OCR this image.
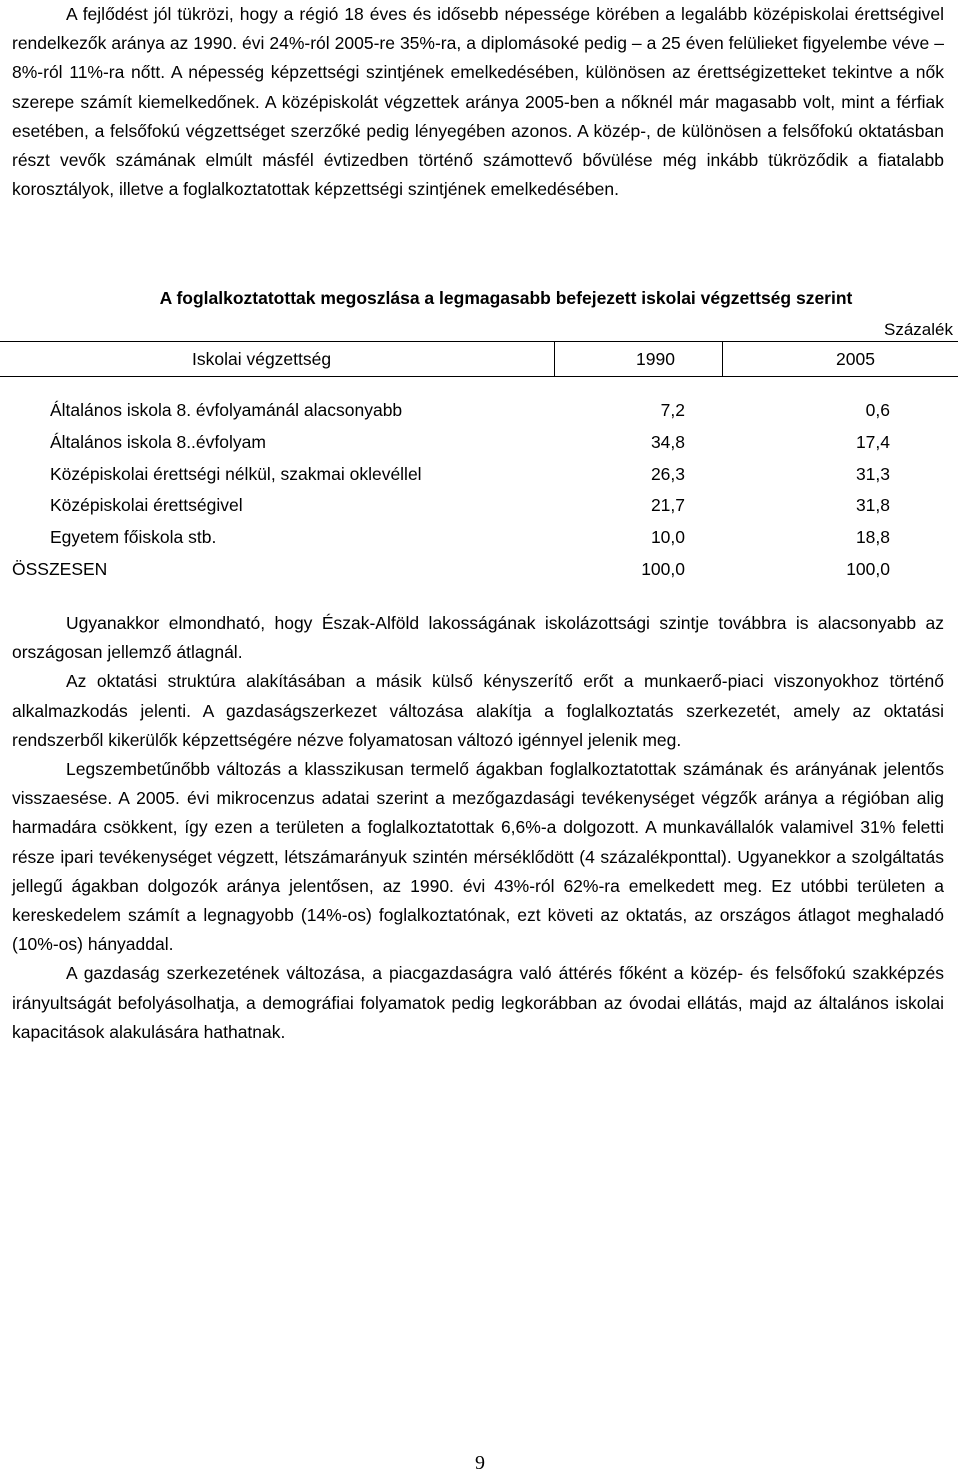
A fejlődést jól tükrözi, hogy a régió 18 éves és idősebb népessége körében a legalább középiskolai érettségivel rendelkezők aránya az 1990. évi 24%-ról 2005-re 35%-ra, a diplomásoké pedig – a 25 éven felülieket figyelembe véve – 8%-ról 11%-ra nőtt. A népesség képzettségi szintjének emelkedésében, különösen az érettségizetteket tekintve a nők szerepe számít kiemelkedőnek. A középiskolát végzettek aránya 2005-ben a nőknél már magasabb volt, mint a férfiak esetében, a felsőfokú végzettséget szerzőké pedig lényegében azonos. A közép-, de különösen a felsőfokú oktatásban részt vevők számának elmúlt másfél évtizedben történő számottevő bővülése még inkább tükröződik a fiatalabb korosztályok, illetve a foglalkoztatottak képzettségi szintjének emelkedésében.

A foglalkoztatottak megoszlása a legmagasabb befejezett iskolai végzettség szerint
Százalék
Iskolai végzettség	1990	2005
Általános iskola 8. évfolyamánál alacsonyabb	7,2	0,6
Általános iskola 8..évfolyam	34,8	17,4
Középiskolai érettségi nélkül, szakmai oklevéllel	26,3	31,3
Középiskolai érettségivel	21,7	31,8
Egyetem főiskola stb.	10,0	18,8
ÖSSZESEN	100,0	100,0

Ugyanakkor elmondható, hogy Észak-Alföld lakosságának iskolázottsági szintje továbbra is alacsonyabb az országosan jellemző átlagnál.

Az oktatási struktúra alakításában a másik külső kényszerítő erőt a munkaerő-piaci viszonyokhoz történő alkalmazkodás jelenti. A gazdaságszerkezet változása alakítja a foglalkoztatás szerkezetét, amely az oktatási rendszerből kikerülők képzettségére nézve folyamatosan változó igénnyel jelenik meg.

Legszembetűnőbb változás a klasszikusan termelő ágakban foglalkoztatottak számának és arányának jelentős visszaesése. A 2005. évi mikrocenzus adatai szerint a mezőgazdasági tevékenységet végzők aránya a régióban alig harmadára csökkent, így ezen a területen a foglalkoztatottak 6,6%-a dolgozott. A munkavállalók valamivel 31% feletti része ipari tevékenységet végzett, létszámarányuk szintén mérséklődött (4 százalékponttal). Ugyanekkor a szolgáltatás jellegű ágakban dolgozók aránya jelentősen, az 1990. évi 43%-ról 62%-ra emelkedett meg. Ez utóbbi területen a kereskedelem számít a legnagyobb (14%-os) foglalkoztatónak, ezt követi az oktatás, az országos átlagot meghaladó (10%-os) hányaddal.

A gazdaság szerkezetének változása, a piacgazdaságra való áttérés főként a közép- és felsőfokú szakképzés irányultságát befolyásolhatja, a demográfiai folyamatok pedig legkorábban az óvodai ellátás, majd az általános iskolai kapacitások alakulására hathatnak.

9
